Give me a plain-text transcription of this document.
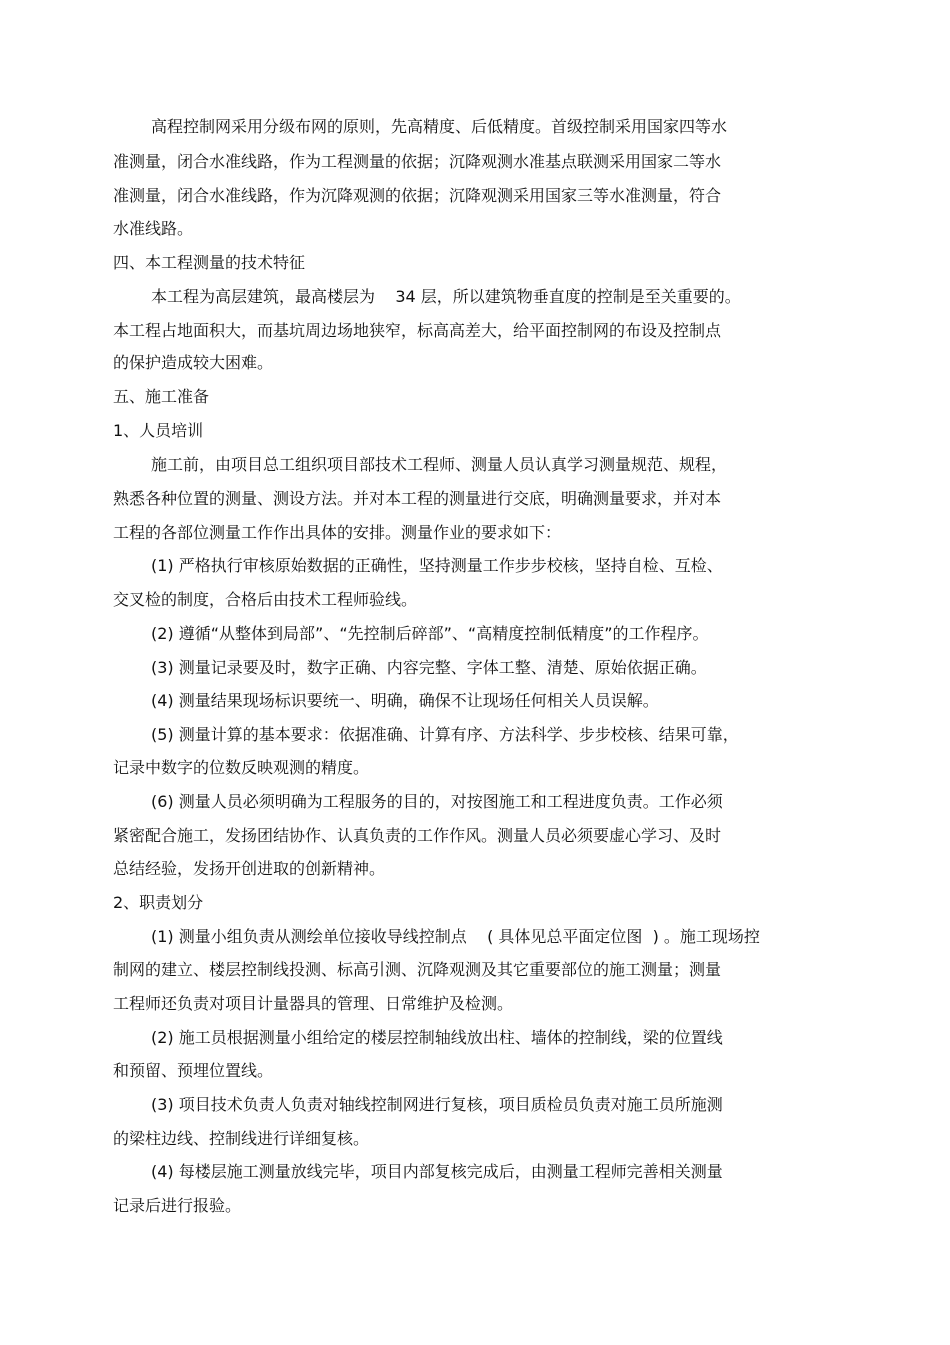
高程控制网采用分级布网的原则，先高精度、后低精度。首级控制采用国家四等水

准测量，闭合水准线路，作为工程测量的依据；沉降观测水准基点联测采用国家二等水

准测量，闭合水准线路，作为沉降观测的依据；沉降观测采用国家三等水准测量，符合

水准线路。

四、本工程测量的技术特征

本工程为高层建筑，最高楼层为    34 层，所以建筑物垂直度的控制是至关重要的。

本工程占地面积大，而基坑周边场地狭窄，标高高差大，给平面控制网的布设及控制点

的保护造成较大困难。

五、施工准备

1、人员培训

施工前，由项目总工组织项目部技术工程师、测量人员认真学习测量规范、规程，

熟悉各种位置的测量、测设方法。并对本工程的测量进行交底，明确测量要求，并对本

工程的各部位测量工作作出具体的安排。测量作业的要求如下：

(1) 严格执行审核原始数据的正确性，坚持测量工作步步校核，坚持自检、互检、

交叉检的制度，合格后由技术工程师验线。

(2) 遵循“从整体到局部”、“先控制后碎部”、“高精度控制低精度”的工作程序。

(3) 测量记录要及时，数字正确、内容完整、字体工整、清楚、原始依据正确。

(4) 测量结果现场标识要统一、明确，确保不让现场任何相关人员误解。

(5) 测量计算的基本要求：依据准确、计算有序、方法科学、步步校核、结果可靠，

记录中数字的位数反映观测的精度。

(6) 测量人员必须明确为工程服务的目的，对按图施工和工程进度负责。工作必须

紧密配合施工，发扬团结协作、认真负责的工作作风。测量人员必须要虚心学习、及时

总结经验，发扬开创进取的创新精神。

2、职责划分

(1) 测量小组负责从测绘单位接收导线控制点    ( 具体见总平面定位图  ) 。施工现场控

制网的建立、楼层控制线投测、标高引测、沉降观测及其它重要部位的施工测量；测量

工程师还负责对项目计量器具的管理、日常维护及检测。

(2) 施工员根据测量小组给定的楼层控制轴线放出柱、墙体的控制线，梁的位置线

和预留、预埋位置线。

(3) 项目技术负责人负责对轴线控制网进行复核，项目质检员负责对施工员所施测

的梁柱边线、控制线进行详细复核。

(4) 每楼层施工测量放线完毕，项目内部复核完成后，由测量工程师完善相关测量

记录后进行报验。
